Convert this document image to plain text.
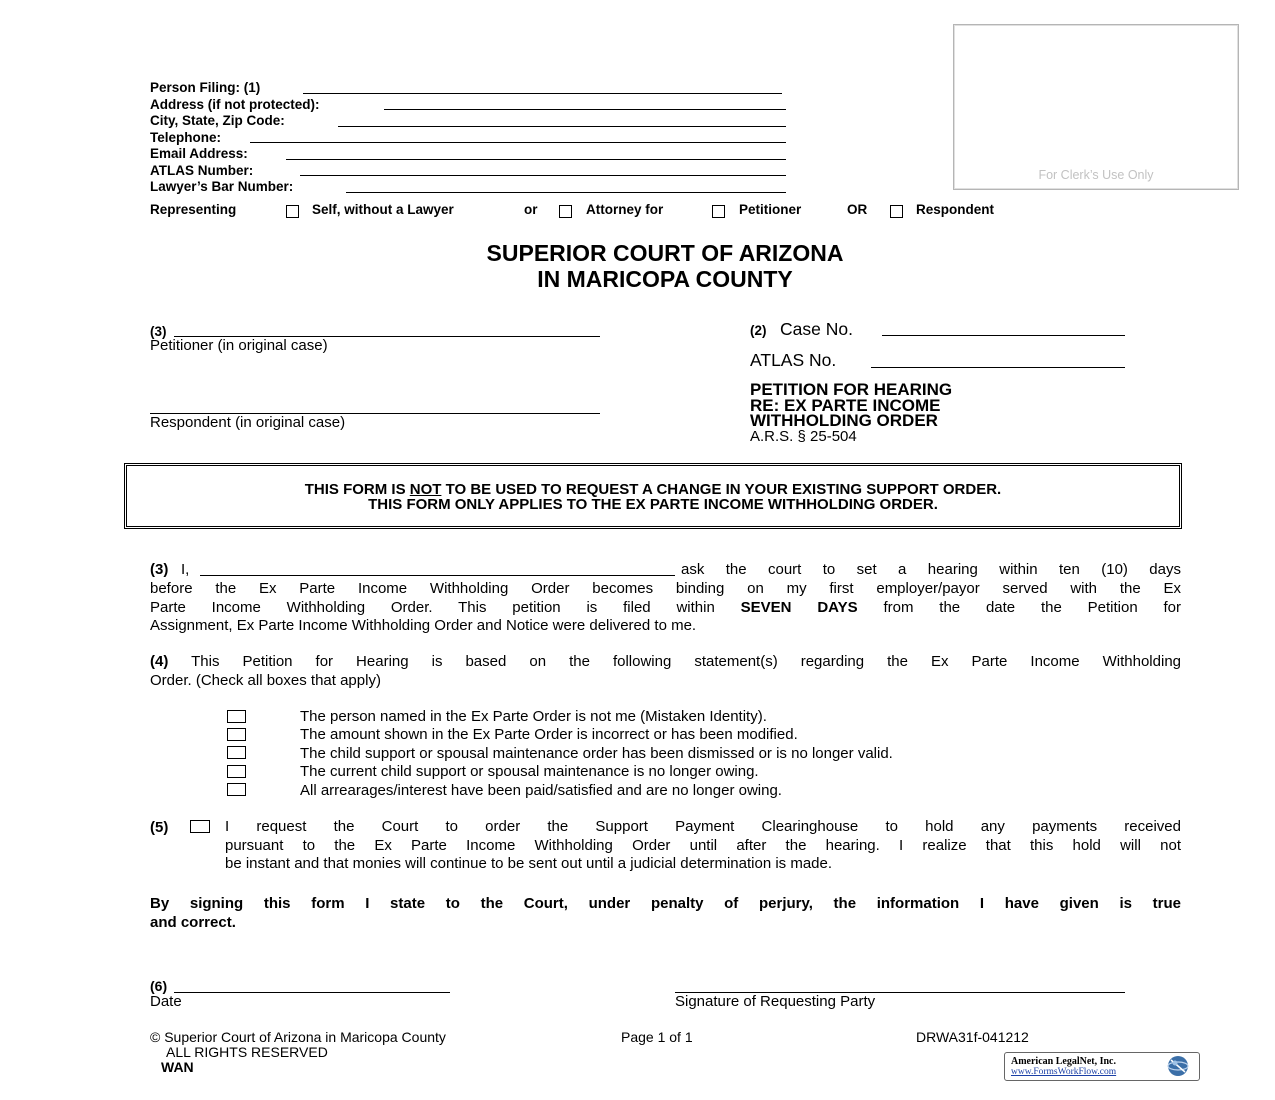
Person Filing: (1)
Address (if not protected):
City, State, Zip Code:
Telephone:
Email Address:
ATLAS Number:
Lawyer’s Bar Number:
For Clerk’s Use Only
Representing	Self, without a Lawyer	or	Attorney for	Petitioner	OR	Respondent
SUPERIOR COURT OF ARIZONA
IN MARICOPA COUNTY
(3)
Petitioner (in original case)
Respondent (in original case)
(2) Case No.
ATLAS No.
PETITION FOR HEARING
RE: EX PARTE INCOME
WITHHOLDING ORDER
A.R.S. § 25-504
THIS FORM IS NOT TO BE USED TO REQUEST A CHANGE IN YOUR EXISTING SUPPORT ORDER.
THIS FORM ONLY APPLIES TO THE EX PARTE INCOME WITHHOLDING ORDER.
(3) I,	ask the court to set a hearing within ten (10) days
before the Ex Parte Income Withholding Order becomes binding on my first employer/payor served with the Ex
Parte Income Withholding Order. This petition is filed within SEVEN DAYS from the date the Petition for
Assignment, Ex Parte Income Withholding Order and Notice were delivered to me.
(4) This Petition for Hearing is based on the following statement(s) regarding the Ex Parte Income Withholding
Order. (Check all boxes that apply)
The person named in the Ex Parte Order is not me (Mistaken Identity).
The amount shown in the Ex Parte Order is incorrect or has been modified.
The child support or spousal maintenance order has been dismissed or is no longer valid.
The current child support or spousal maintenance is no longer owing.
All arrearages/interest have been paid/satisfied and are no longer owing.
(5)	I request the Court to order the Support Payment Clearinghouse to hold any payments received
pursuant to the Ex Parte Income Withholding Order until after the hearing. I realize that this hold will not
be instant and that monies will continue to be sent out until a judicial determination is made.
By signing this form I state to the Court, under penalty of perjury, the information I have given is true
and correct.
(6)
Date	Signature of Requesting Party
© Superior Court of Arizona in Maricopa County
ALL RIGHTS RESERVED
WAN
Page 1 of 1	DRWA31f-041212
American LegalNet, Inc.
www.FormsWorkFlow.com
